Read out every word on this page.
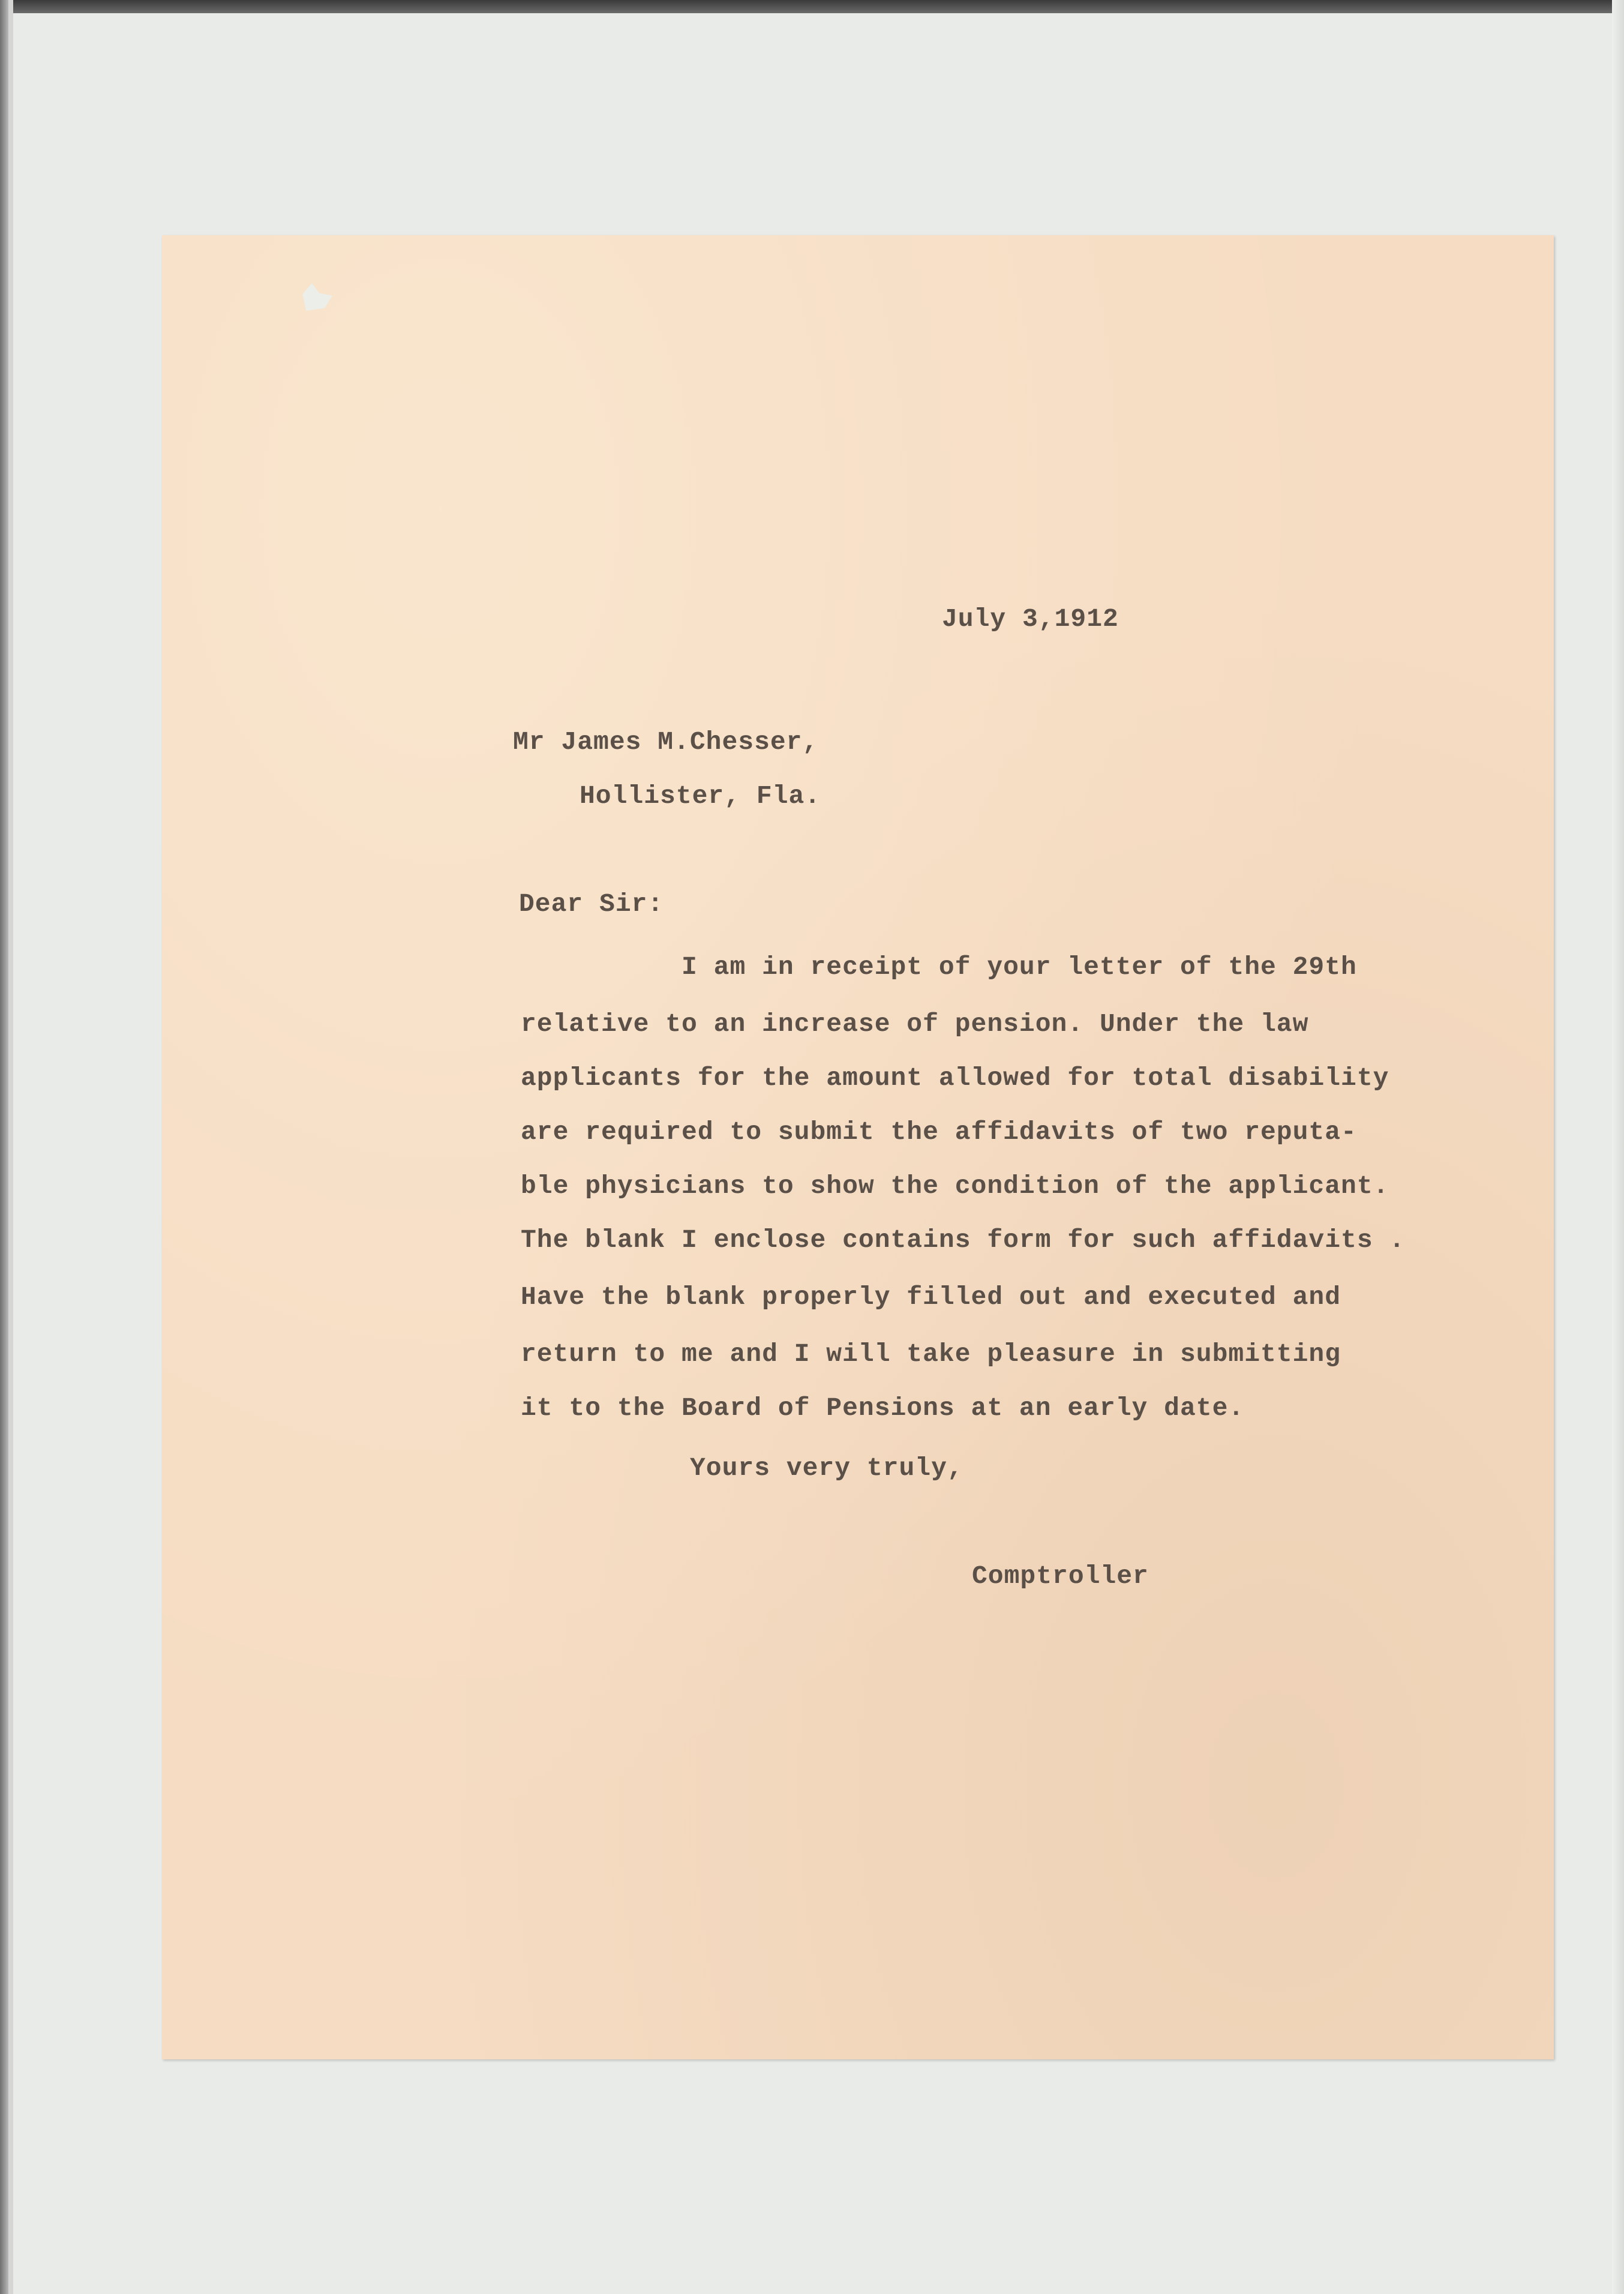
July 3,1912

Mr James M.Chesser,

Hollister, Fla.

Dear Sir:

I am in receipt of your letter of the 29th

relative to an increase of pension. Under the law

applicants for the amount allowed for total disability

are required to submit the affidavits of two reputa-

ble physicians to show the condition of the applicant.

The blank I enclose contains form for such affidavits .

Have the blank properly filled out and executed and

return to me and I will take pleasure in submitting

it to the Board of Pensions at an early date.

Yours very truly,

Comptroller
